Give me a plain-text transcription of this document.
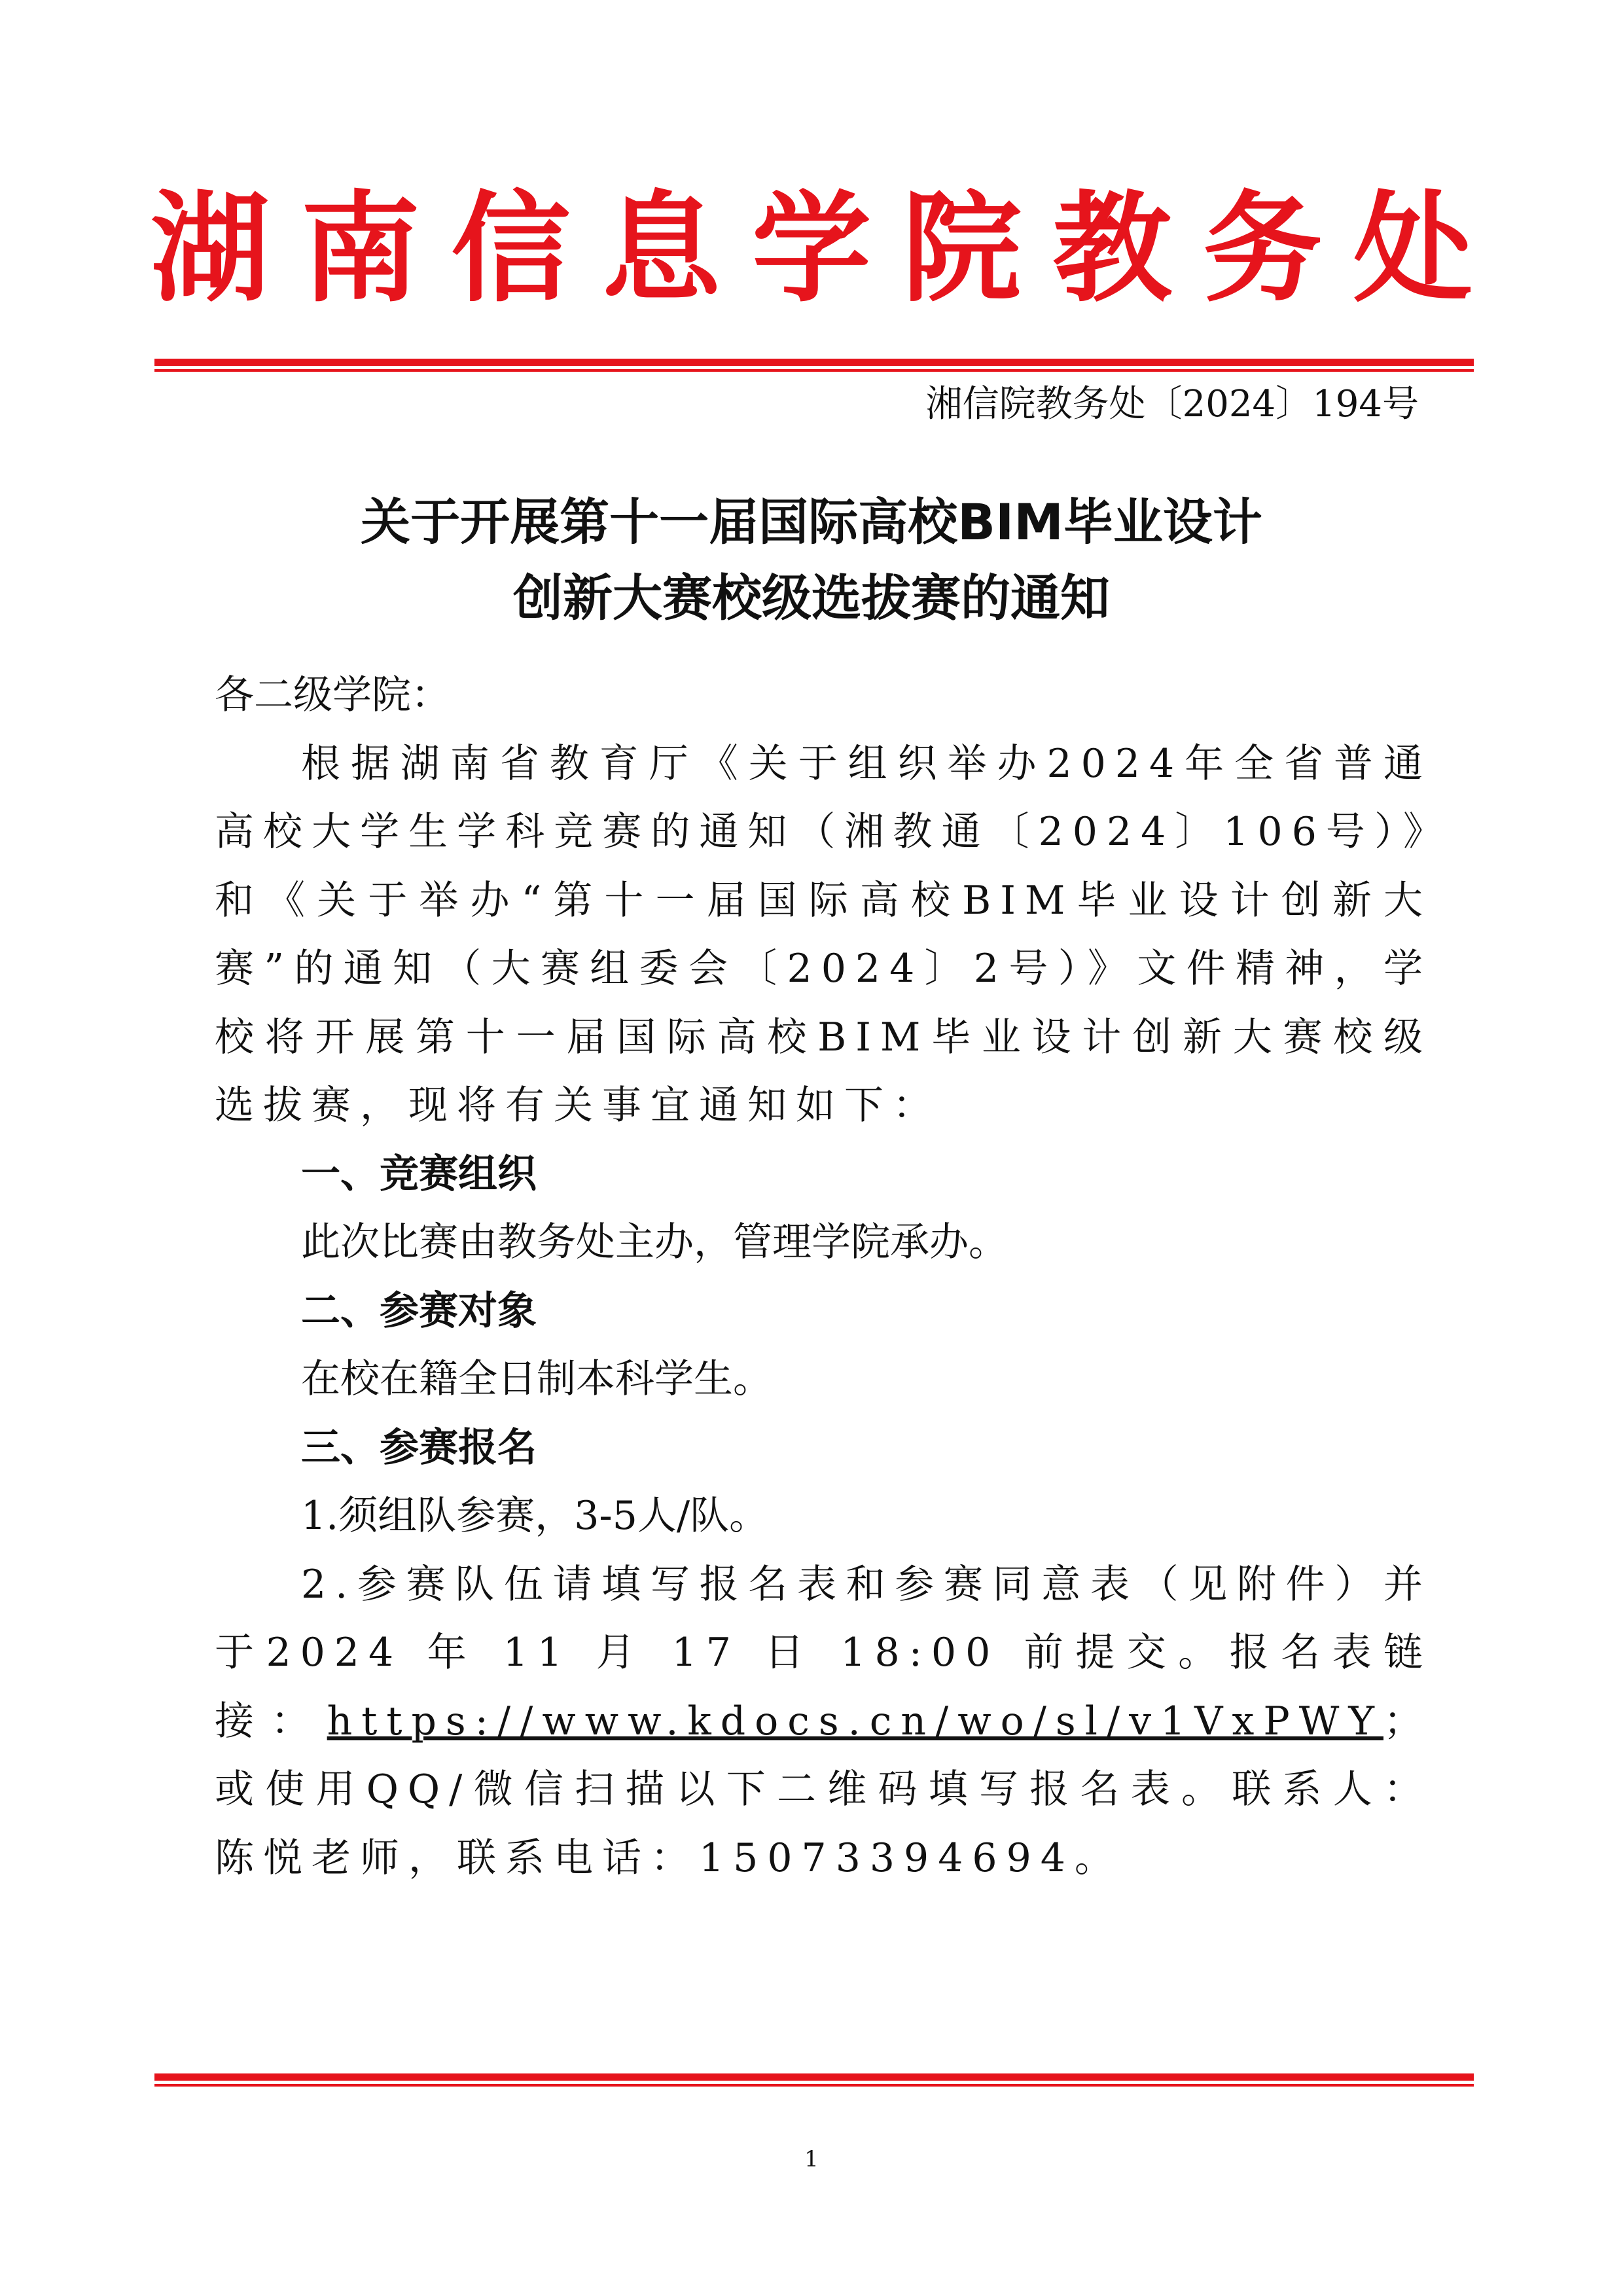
湖南信息学院教务处
湘信院教务处〔2024〕194号
关于开展第十一届国际高校BIM毕业设计
创新大赛校级选拔赛的通知

各二级学院：

根据湖南省教育厅《关于组织举办2024年全省普通高校大学生学科竞赛的通知（湘教通〔2024〕106号）》和《关于举办“第十一届国际高校BIM毕业设计创新大赛”的通知（大赛组委会〔2024〕2号）》文件精神，学校将开展第十一届国际高校BIM毕业设计创新大赛校级选拔赛，现将有关事宜通知如下：

一、竞赛组织

此次比赛由教务处主办，管理学院承办。

二、参赛对象

在校在籍全日制本科学生。

三、参赛报名

1.须组队参赛，3-5人/队。

2.参赛队伍请填写报名表和参赛同意表（见附件）并于2024 年 11 月 17 日 18:00 前提交。报名表链接：https://www.kdocs.cn/wo/sl/v1VxPWY；或使用QQ/微信扫描以下二维码填写报名表。联系人：陈悦老师，联系电话：15073394694。

1
